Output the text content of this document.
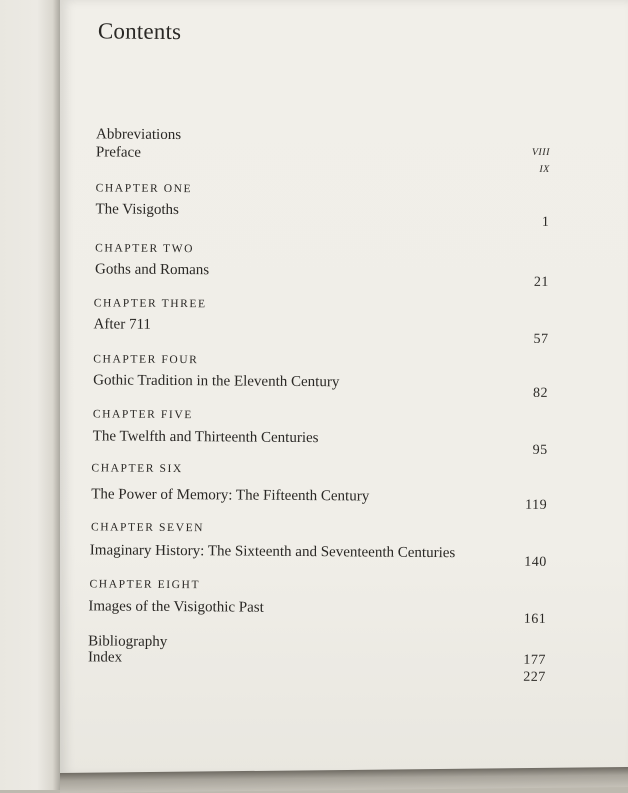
Contents
Abbreviations
Preface	viii
ix
CHAPTER ONE
The Visigoths
1
CHAPTER TWO
Goths and Romans
21
CHAPTER THREE
After 711
57
CHAPTER FOUR
Gothic Tradition in the Eleventh Century
82
CHAPTER FIVE
The Twelfth and Thirteenth Centuries
95
CHAPTER SIX
The Power of Memory: The Fifteenth Century
119
CHAPTER SEVEN
Imaginary History: The Sixteenth and Seventeenth Centuries
140
CHAPTER EIGHT
Images of the Visigothic Past
161
Bibliography
Index	177
227
